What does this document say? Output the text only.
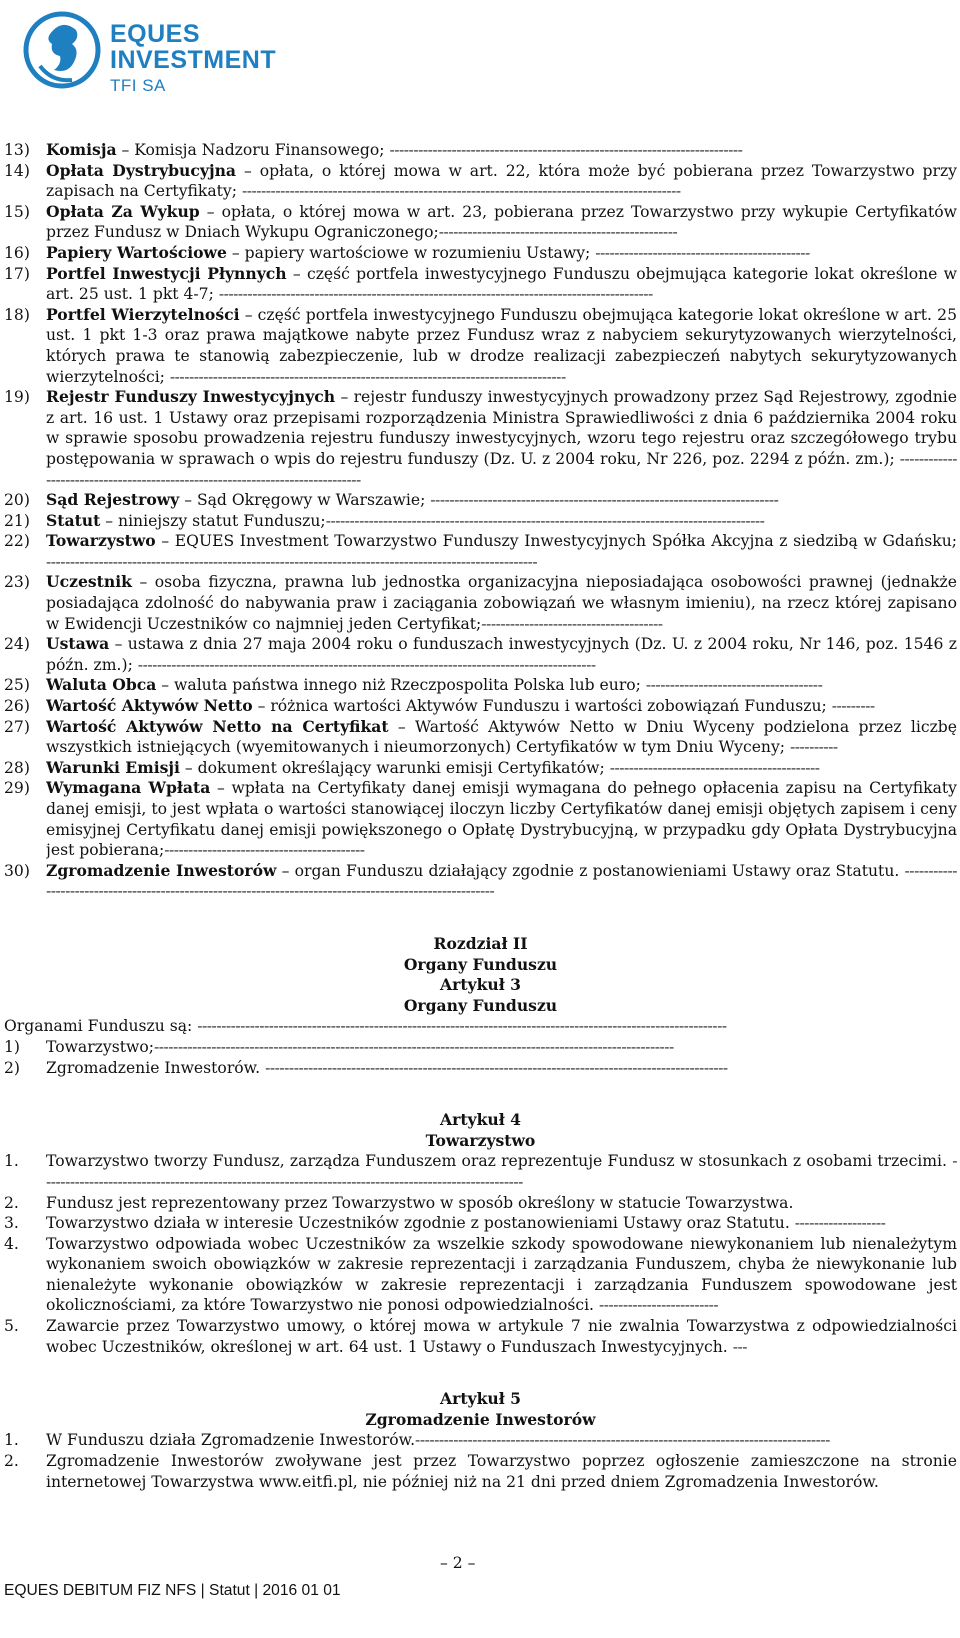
EQUES
INVESTMENT
TFI SA
13)	Komisja – Komisja Nadzoru Finansowego; --------------------------------------------------------------------------
14)	Opłata Dystrybucyjna – opłata, o której mowa w art. 22, która może być pobierana przez Towarzystwo przy zapisach na Certyfikaty; --------------------------------------------------------------------------------------------
15)	Opłata Za Wykup – opłata, o której mowa w art. 23, pobierana przez Towarzystwo przy wykupie Certyfikatów przez Fundusz w Dniach Wykupu Ograniczonego;--------------------------------------------------
16)	Papiery Wartościowe – papiery wartościowe w rozumieniu Ustawy; ---------------------------------------------
17)	Portfel Inwestycji Płynnych – część portfela inwestycyjnego Funduszu obejmująca kategorie lokat określone w art. 25 ust. 1 pkt 4-7; -------------------------------------------------------------------------------------------
18)	Portfel Wierzytelności – część portfela inwestycyjnego Funduszu obejmująca kategorie lokat określone w art. 25 ust. 1 pkt 1-3 oraz prawa majątkowe nabyte przez Fundusz wraz z nabyciem sekurytyzowanych wierzytelności, których prawa te stanowią zabezpieczenie, lub w drodze realizacji zabezpieczeń nabytych sekurytyzowanych wierzytelności; -----------------------------------------------------------------------------------
19)	Rejestr Funduszy Inwestycyjnych – rejestr funduszy inwestycyjnych prowadzony przez Sąd Rejestrowy, zgodnie z art. 16 ust. 1 Ustawy oraz przepisami rozporządzenia Ministra Sprawiedliwości z dnia 6 października 2004 roku w sprawie sposobu prowadzenia rejestru funduszy inwestycyjnych, wzoru tego rejestru oraz szczegółowego trybu postępowania w sprawach o wpis do rejestru funduszy (Dz. U. z 2004 roku, Nr 226, poz. 2294 z późn. zm.); ------------------------------------------------------------------------------
20)	Sąd Rejestrowy – Sąd Okręgowy w Warszawie; -------------------------------------------------------------------------
21)	Statut – niniejszy statut Funduszu;--------------------------------------------------------------------------------------------
22)	Towarzystwo – EQUES Investment Towarzystwo Funduszy Inwestycyjnych Spółka Akcyjna z siedzibą w Gdańsku; -------------------------------------------------------------------------------------------------------
23)	Uczestnik – osoba fizyczna, prawna lub jednostka organizacyjna nieposiadająca osobowości prawnej (jednakże posiadająca zdolność do nabywania praw i zaciągania zobowiązań we własnym imieniu), na rzecz której zapisano w Ewidencji Uczestników co najmniej jeden Certyfikat;--------------------------------------
24)	Ustawa – ustawa z dnia 27 maja 2004 roku o funduszach inwestycyjnych (Dz. U. z 2004 roku, Nr 146, poz. 1546 z późn. zm.); ------------------------------------------------------------------------------------------------
25)	Waluta Obca – waluta państwa innego niż Rzeczpospolita Polska lub euro; -------------------------------------
26)	Wartość Aktywów Netto – różnica wartości Aktywów Funduszu i wartości zobowiązań Funduszu; ---------
27)	Wartość Aktywów Netto na Certyfikat – Wartość Aktywów Netto w Dniu Wyceny podzielona przez liczbę wszystkich istniejących (wyemitowanych i nieumorzonych) Certyfikatów w tym Dniu Wyceny; ----------
28)	Warunki Emisji – dokument określający warunki emisji Certyfikatów; --------------------------------------------
29)	Wymagana Wpłata – wpłata na Certyfikaty danej emisji wymagana do pełnego opłacenia zapisu na Certyfikaty danej emisji, to jest wpłata o wartości stanowiącej iloczyn liczby Certyfikatów danej emisji objętych zapisem i ceny emisyjnej Certyfikatu danej emisji powiększonego o Opłatę Dystrybucyjną, w przypadku gdy Opłata Dystrybucyjna jest pobierana;------------------------------------------
30)	Zgromadzenie Inwestorów – organ Funduszu działający zgodnie z postanowieniami Ustawy oraz Statutu. ---------------------------------------------------------------------------------------------------------
Rozdział II
Organy Funduszu
Artykuł 3
Organy Funduszu
Organami Funduszu są: ---------------------------------------------------------------------------------------------------------------
1)	Towarzystwo;-------------------------------------------------------------------------------------------------------------
2)	Zgromadzenie Inwestorów. -------------------------------------------------------------------------------------------------
Artykuł 4
Towarzystwo
1.	Towarzystwo tworzy Fundusz, zarządza Funduszem oraz reprezentuje Fundusz w stosunkach z osobami trzecimi. -----------------------------------------------------------------------------------------------------
2.	Fundusz jest reprezentowany przez Towarzystwo w sposób określony w statucie Towarzystwa.
3.	Towarzystwo działa w interesie Uczestników zgodnie z postanowieniami Ustawy oraz Statutu. -------------------
4.	Towarzystwo odpowiada wobec Uczestników za wszelkie szkody spowodowane niewykonaniem lub nienależytym wykonaniem swoich obowiązków w zakresie reprezentacji i zarządzania Funduszem, chyba że niewykonanie lub nienależyte wykonanie obowiązków w zakresie reprezentacji i zarządzania Funduszem spowodowane jest okolicznościami, za które Towarzystwo nie ponosi odpowiedzialności. -------------------------
5.	Zawarcie przez Towarzystwo umowy, o której mowa w artykule 7 nie zwalnia Towarzystwa z odpowiedzialności wobec Uczestników, określonej w art. 64 ust. 1 Ustawy o Funduszach Inwestycyjnych. ---
Artykuł 5
Zgromadzenie Inwestorów
1.	W Funduszu działa Zgromadzenie Inwestorów.---------------------------------------------------------------------------------------
2.	Zgromadzenie Inwestorów zwoływane jest przez Towarzystwo poprzez ogłoszenie zamieszczone na stronie internetowej Towarzystwa www.eitfi.pl, nie później niż na 21 dni przed dniem Zgromadzenia Inwestorów.
– 2 –
EQUES DEBITUM FIZ NFS | Statut | 2016 01 01
